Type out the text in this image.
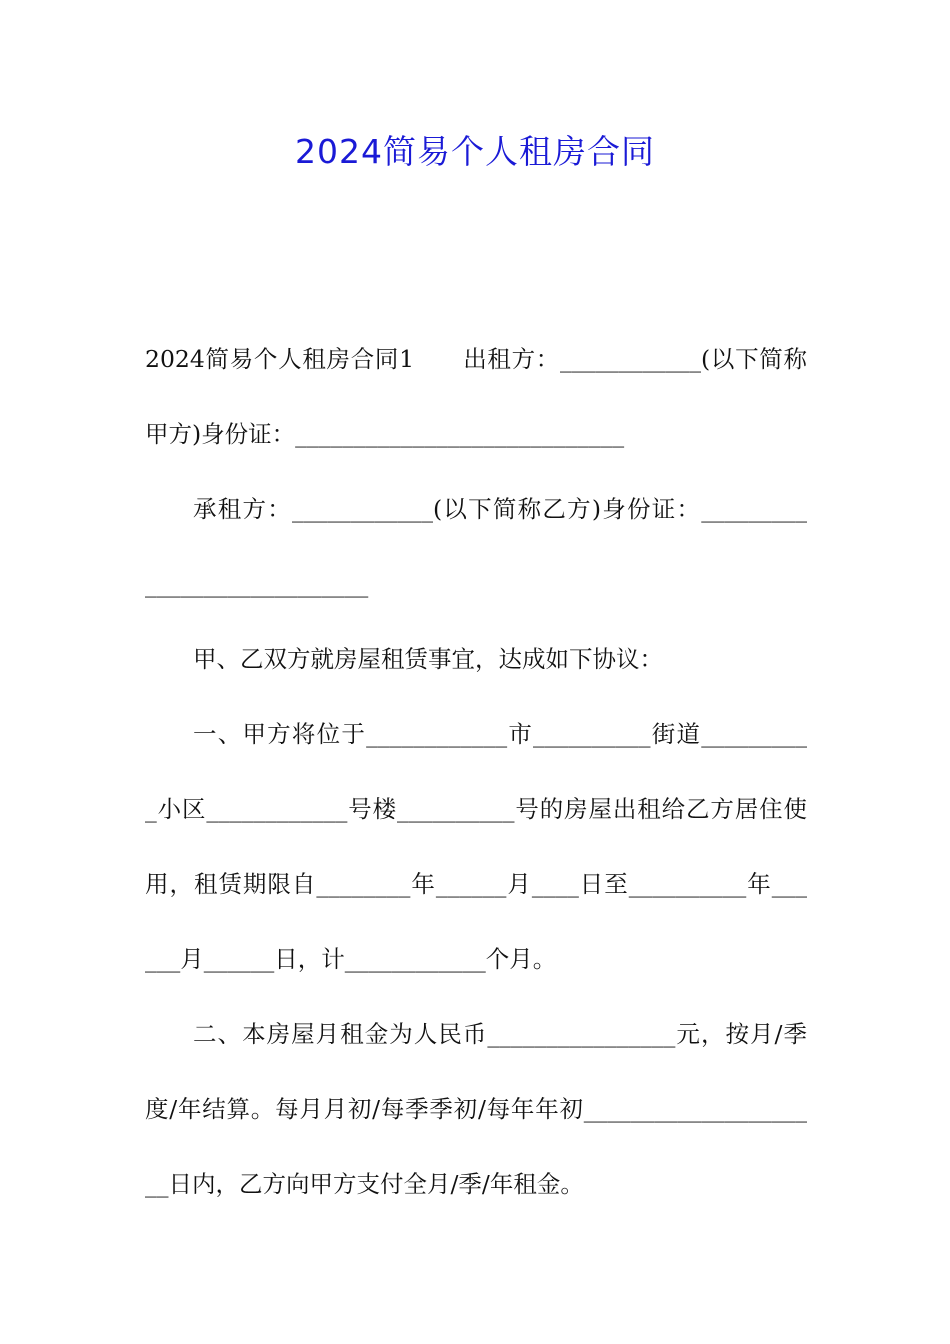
2024简易个人租房合同

2024简易个人租房合同1　　出租方：____________(以下简称

甲方)身份证：____________________________

承租方：____________(以下简称乙方)身份证：_________

___________________

甲、乙双方就房屋租赁事宜，达成如下协议：

一、甲方将位于____________市__________街道_________

_小区____________号楼__________号的房屋出租给乙方居住使

用，租赁期限自________年______月____日至__________年___

___月______日，计____________个月。

二、本房屋月租金为人民币________________元，按月/季

度/年结算。每月月初/每季季初/每年年初___________________

__日内，乙方向甲方支付全月/季/年租金。
